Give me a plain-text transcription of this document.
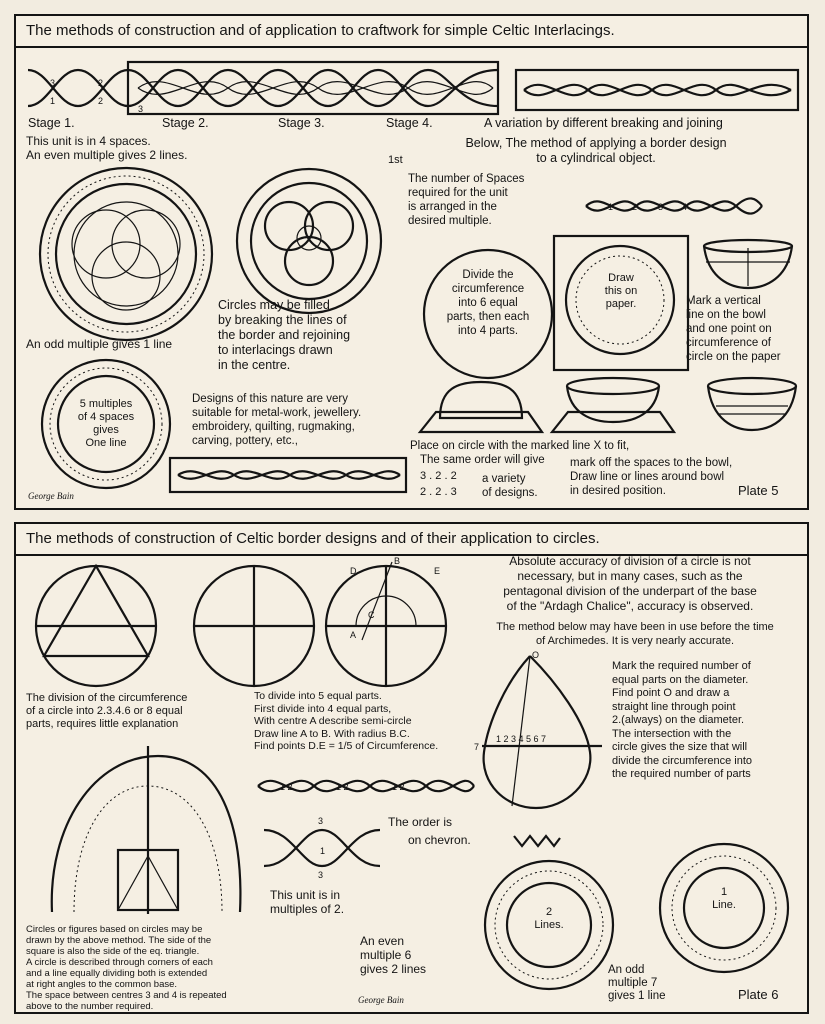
The methods of construction and of application to craftwork for simple Celtic Interlacings.
3
1
2
2
3
Stage 1.	Stage 2.	Stage 3.	Stage 4.	A variation by different breaking and joining
This unit is in 4 spaces.
An even multiple gives 2 lines.
Below, The method of applying a border design
to a cylindrical object.
1st
The number of Spaces
required for the unit
is arranged in the
desired multiple.
1 2 3 4
Circles may be filled
by breaking the lines of
the border and rejoining
to interlacings drawn
in the centre.
An odd multiple gives 1 line
Divide the
circumference
into 6 equal
parts, then each
into 4 parts.
Draw
this on
paper.	Mark a vertical
line on the bowl
and one point on
circumference of
circle on the paper
5 multiples
of 4 spaces
gives
One line
Designs of this nature are very
suitable for metal-work, jewellery.
embroidery, quilting, rugmaking,
carving, pottery, etc.,	Place on circle with the marked line X to fit,
The same order will give
3 . 2 . 2
2 . 2 . 3
a variety
of designs.
mark off the spaces to the bowl,
Draw line or lines around bowl
in desired position.
George Bain	Plate 5
The methods of construction of Celtic border designs and of their application to circles.
D
B
E
C
A
Absolute accuracy of division of a circle is not
necessary, but in many cases, such as the
pentagonal division of the underpart of the base
of the "Ardagh Chalice", accuracy is observed.
The method below may have been in use before the time
of Archimedes. It is very nearly accurate.
The division of the circumference
of a circle into 2.3.4.6 or 8 equal
parts, requires little explanation
To divide into 5 equal parts.
First divide into 4 equal parts,
With centre A describe semi-circle
Draw line A to B. With radius B.C.
Find points D.E = 1/5 of Circumference.	7
1 2 3 4 5 6 7
O
Mark the required number of
equal parts on the diameter.
Find point O and draw a
straight line through point
2.(always) on the diameter.
The intersection with the
circle gives the size that will
divide the circumference into
the required number of parts
1 2	1 2	1 2
3
1
3
The order is
on chevron.
This unit is in
multiples of 2.	2
Lines.
1
Line.
Circles or figures based on circles may be
drawn by the above method. The side of the
square is also the side of the eq. triangle.
A circle is described through corners of each
and a line equally dividing both is extended
at right angles to the common base.
The space between centres 3 and 4 is repeated
above to the number required.
An even
multiple 6
gives 2 lines	An odd
multiple 7
gives 1 line
George Bain	Plate 6
